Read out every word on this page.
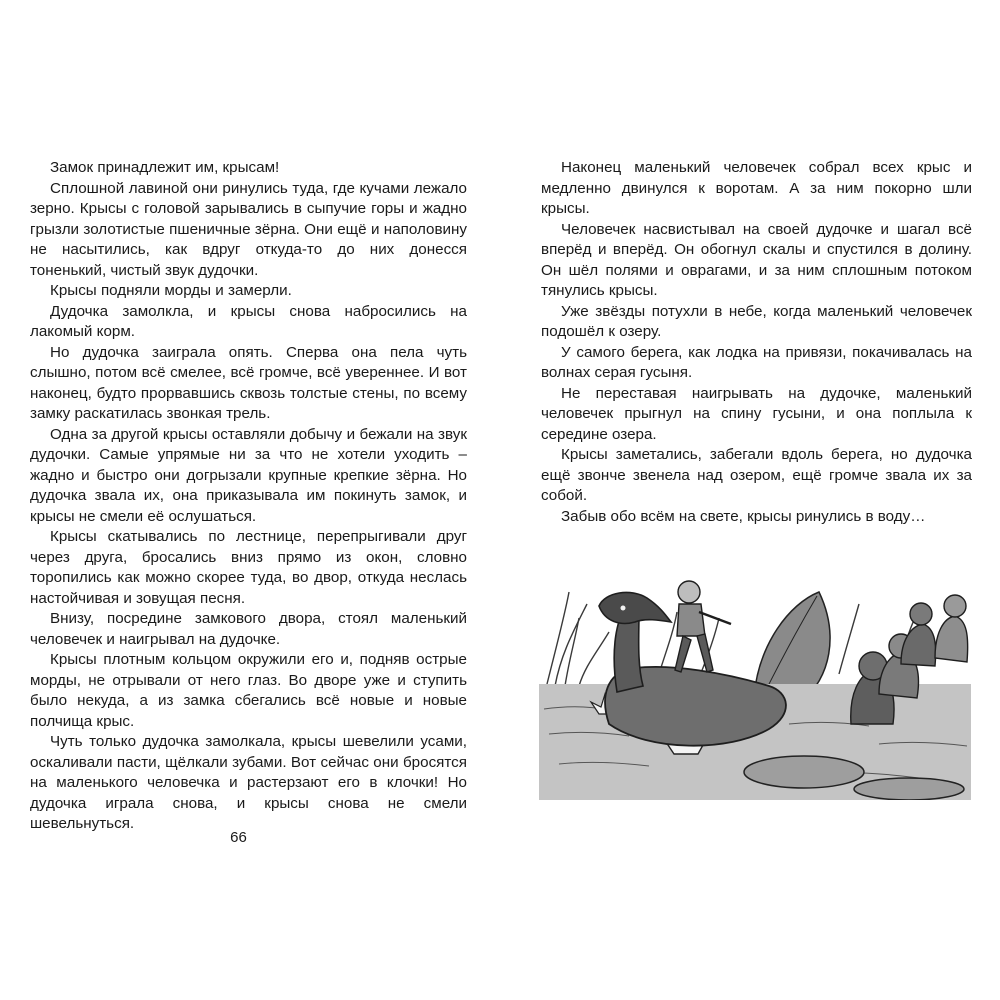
Замок принадлежит им, крысам!

Сплошной лавиной они ринулись туда, где кучами лежало зерно. Крысы с головой зарывались в сыпучие горы и жадно грызли золотистые пшеничные зёрна. Они ещё и наполовину не насытились, как вдруг откуда-то до них донесся тоненький, чистый звук дудочки.

Крысы подняли морды и замерли.

Дудочка замолкла, и крысы снова набросились на лакомый корм.

Но дудочка заиграла опять. Сперва она пела чуть слышно, потом всё смелее, всё громче, всё увереннее. И вот наконец, будто прорвавшись сквозь толстые стены, по всему замку раскатилась звонкая трель.

Одна за другой крысы оставляли добычу и бежали на звук дудочки. Самые упрямые ни за что не хотели уходить – жадно и быстро они догрызали крупные крепкие зёрна. Но дудочка звала их, она приказывала им покинуть замок, и крысы не смели её ослушаться.

Крысы скатывались по лестнице, перепрыгивали друг через друга, бросались вниз прямо из окон, словно торопились как можно скорее туда, во двор, откуда неслась настойчивая и зовущая песня.

Внизу, посредине замкового двора, стоял маленький человечек и наигрывал на дудочке.

Крысы плотным кольцом окружили его и, подняв острые морды, не отрывали от него глаз. Во дворе уже и ступить было некуда, а из замка сбегались всё новые и новые полчища крыс.

Чуть только дудочка замолкала, крысы шевелили усами, оскаливали пасти, щёлкали зубами. Вот сейчас они бросятся на маленького человечка и растерзают его в клочки! Но дудочка играла снова, и крысы снова не смели шевельнуться.

66

Наконец маленький человечек собрал всех крыс и медленно двинулся к воротам. А за ним покорно шли крысы.

Человечек насвистывал на своей дудочке и шагал всё вперёд и вперёд. Он обогнул скалы и спустился в долину. Он шёл полями и оврагами, и за ним сплошным потоком тянулись крысы.

Уже звёзды потухли в небе, когда маленький человечек подошёл к озеру.

У самого берега, как лодка на привязи, покачивалась на волнах серая гусыня.

Не переставая наигрывать на дудочке, маленький человечек прыгнул на спину гусыни, и она поплыла к середине озера.

Крысы заметались, забегали вдоль берега, но дудочка ещё звонче звенела над озером, ещё громче звала их за собой.

Забыв обо всём на свете, крысы ринулись в воду…
